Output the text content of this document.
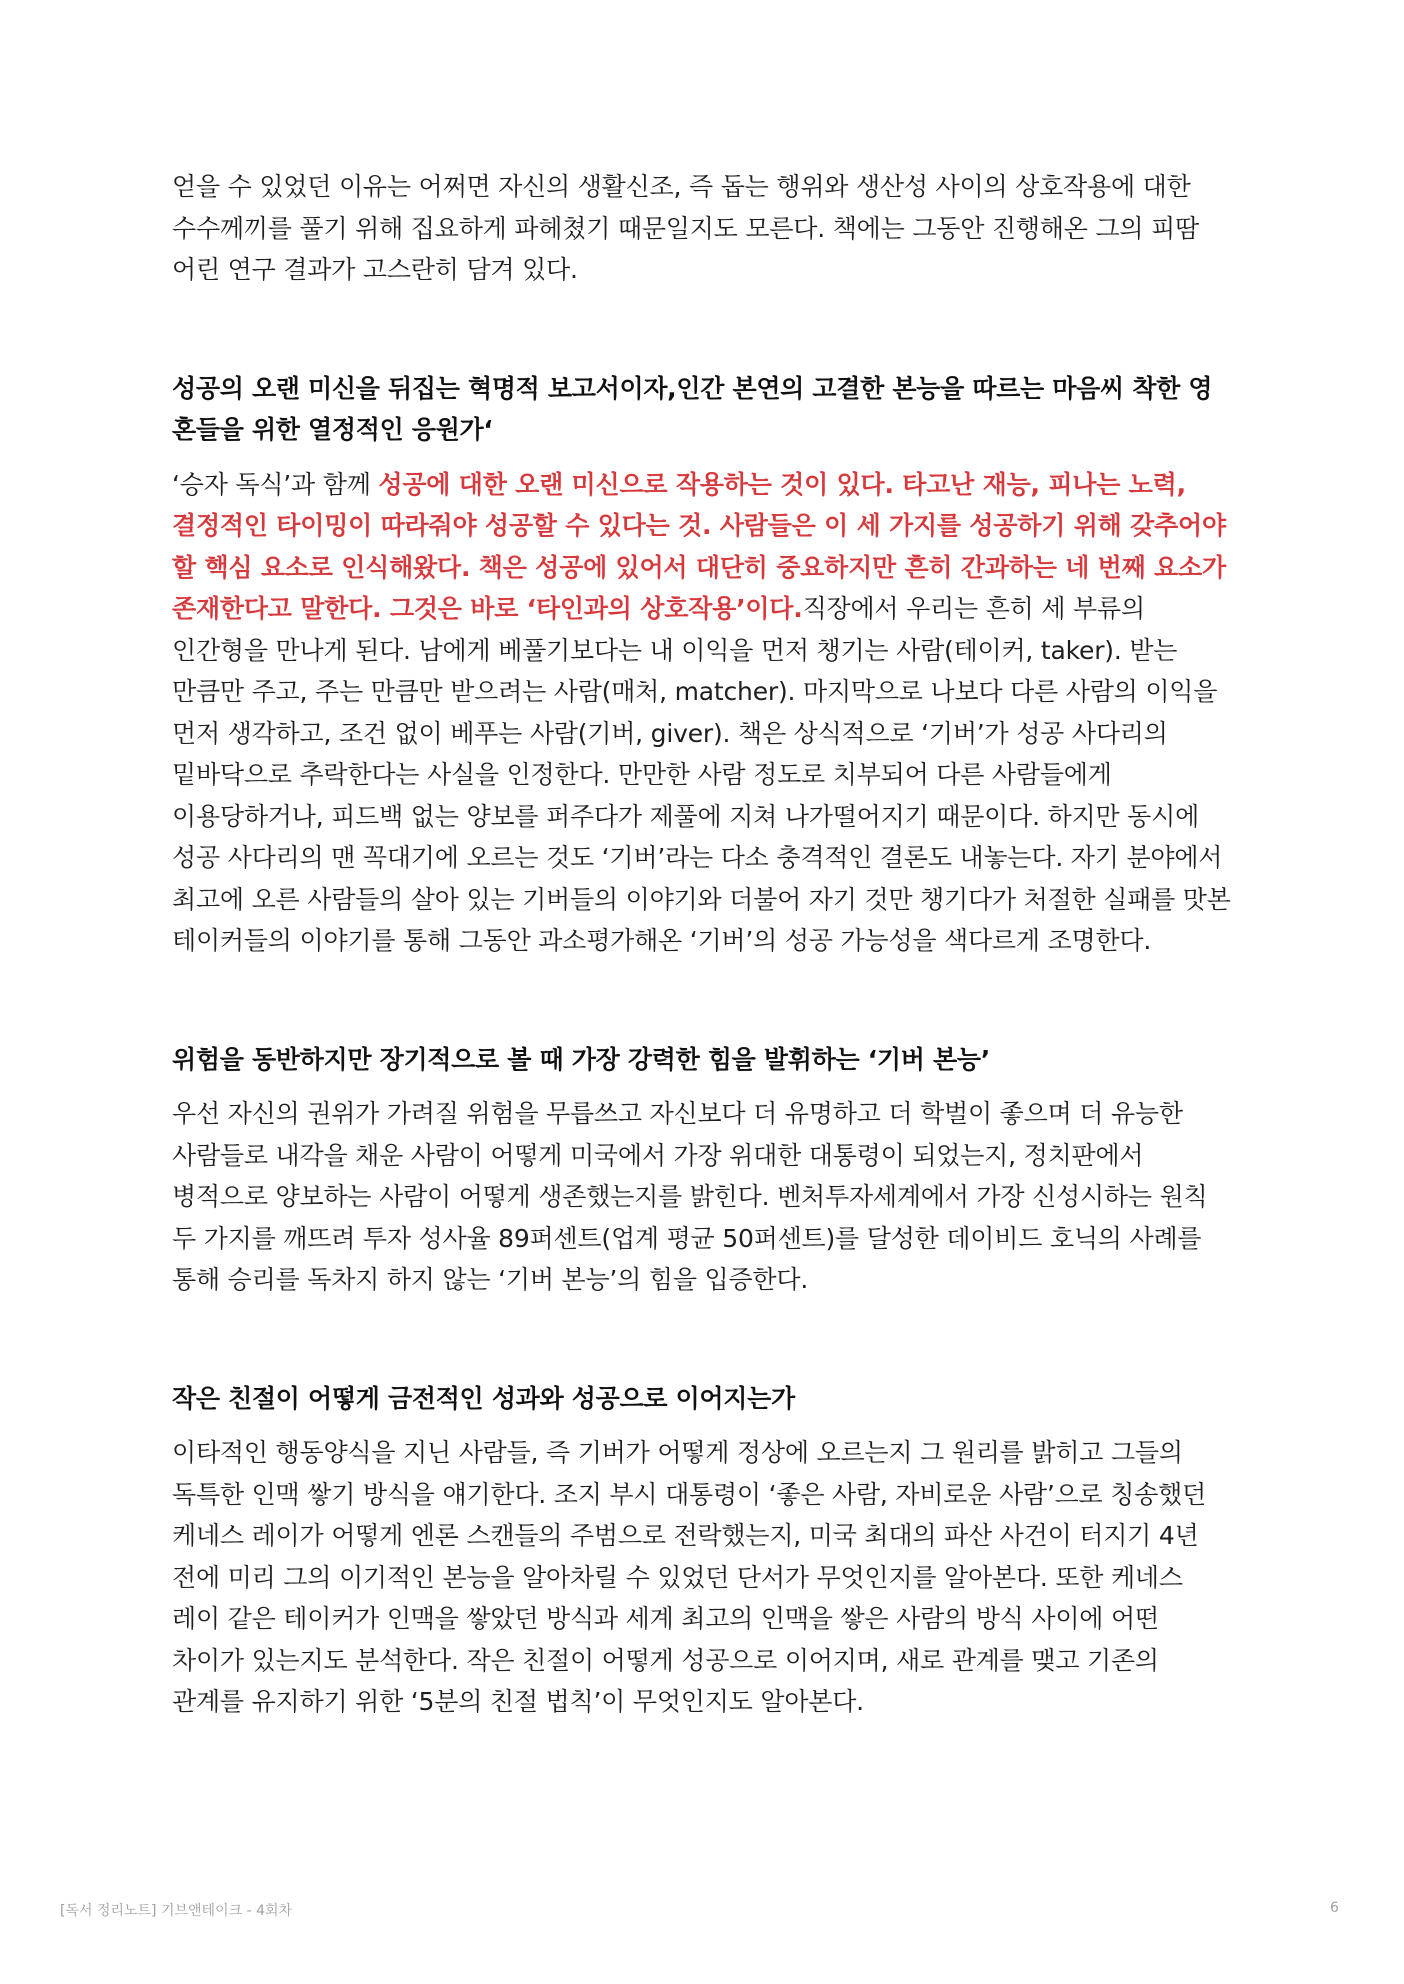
얻을 수 있었던 이유는 어쩌면 자신의 생활신조, 즉 돕는 행위와 생산성 사이의 상호작용에 대한 수수께끼를 풀기 위해 집요하게 파헤쳤기 때문일지도 모른다. 책에는 그동안 진행해온 그의 피땀 어린 연구 결과가 고스란히 담겨 있다.

성공의 오랜 미신을 뒤집는 혁명적 보고서이자,인간 본연의 고결한 본능을 따르는 마음씨 착한 영혼들을 위한 열정적인 응원가‘

‘승자 독식’과 함께 성공에 대한 오랜 미신으로 작용하는 것이 있다. 타고난 재능, 피나는 노력, 결정적인 타이밍이 따라줘야 성공할 수 있다는 것. 사람들은 이 세 가지를 성공하기 위해 갖추어야 할 핵심 요소로 인식해왔다. 책은 성공에 있어서 대단히 중요하지만 흔히 간과하는 네 번째 요소가 존재한다고 말한다. 그것은 바로 ‘타인과의 상호작용’이다.직장에서 우리는 흔히 세 부류의 인간형을 만나게 된다. 남에게 베풀기보다는 내 이익을 먼저 챙기는 사람(테이커, taker). 받는 만큼만 주고, 주는 만큼만 받으려는 사람(매처, matcher). 마지막으로 나보다 다른 사람의 이익을 먼저 생각하고, 조건 없이 베푸는 사람(기버, giver). 책은 상식적으로 ‘기버’가 성공 사다리의 밑바닥으로 추락한다는 사실을 인정한다. 만만한 사람 정도로 치부되어 다른 사람들에게 이용당하거나, 피드백 없는 양보를 퍼주다가 제풀에 지쳐 나가떨어지기 때문이다. 하지만 동시에 성공 사다리의 맨 꼭대기에 오르는 것도 ‘기버’라는 다소 충격적인 결론도 내놓는다. 자기 분야에서 최고에 오른 사람들의 살아 있는 기버들의 이야기와 더불어 자기 것만 챙기다가 처절한 실패를 맛본 테이커들의 이야기를 통해 그동안 과소평가해온 ‘기버’의 성공 가능성을 색다르게 조명한다.

위험을 동반하지만 장기적으로 볼 때 가장 강력한 힘을 발휘하는 ‘기버 본능’

우선 자신의 권위가 가려질 위험을 무릅쓰고 자신보다 더 유명하고 더 학벌이 좋으며 더 유능한 사람들로 내각을 채운 사람이 어떻게 미국에서 가장 위대한 대통령이 되었는지, 정치판에서 병적으로 양보하는 사람이 어떻게 생존했는지를 밝힌다. 벤처투자세계에서 가장 신성시하는 원칙 두 가지를 깨뜨려 투자 성사율 89퍼센트(업계 평균 50퍼센트)를 달성한 데이비드 호닉의 사례를 통해 승리를 독차지 하지 않는 ‘기버 본능’의 힘을 입증한다.

작은 친절이 어떻게 금전적인 성과와 성공으로 이어지는가

이타적인 행동양식을 지닌 사람들, 즉 기버가 어떻게 정상에 오르는지 그 원리를 밝히고 그들의 독특한 인맥 쌓기 방식을 얘기한다. 조지 부시 대통령이 ‘좋은 사람, 자비로운 사람’으로 칭송했던 케네스 레이가 어떻게 엔론 스캔들의 주범으로 전락했는지, 미국 최대의 파산 사건이 터지기 4년 전에 미리 그의 이기적인 본능을 알아차릴 수 있었던 단서가 무엇인지를 알아본다. 또한 케네스 레이 같은 테이커가 인맥을 쌓았던 방식과 세계 최고의 인맥을 쌓은 사람의 방식 사이에 어떤 차이가 있는지도 분석한다. 작은 친절이 어떻게 성공으로 이어지며, 새로 관계를 맺고 기존의 관계를 유지하기 위한 ‘5분의 친절 법칙’이 무엇인지도 알아본다.

[독서 정리노트] 기브앤테이크 - 4회차	6
